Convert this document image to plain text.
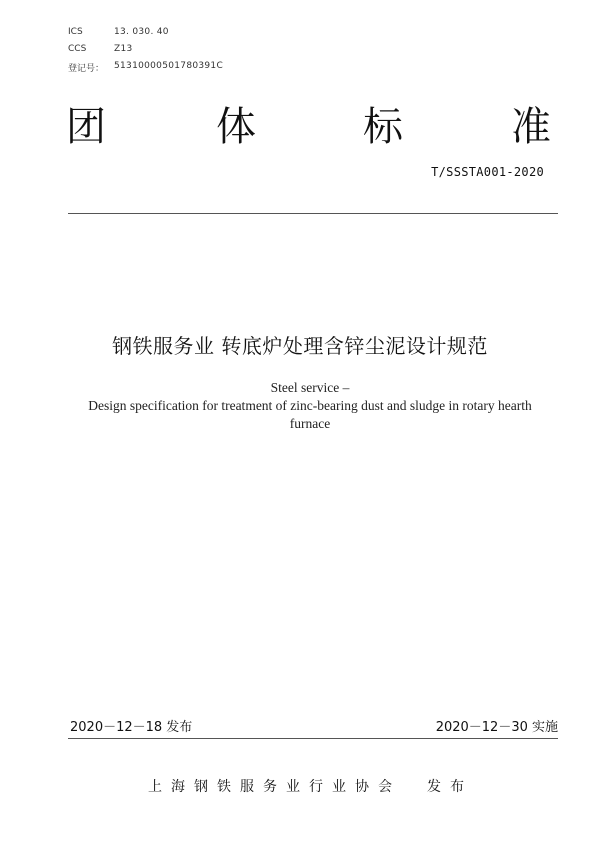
ICS	13. 030. 40
CCS	Z13
登记号： 51310000501780391C
团	体	标	准
T/SSSTA001-2020
钢铁服务业 转底炉处理含锌尘泥设计规范
Steel service –
Design specification for treatment of zinc-bearing dust and sludge in rotary hearth
furnace
2020－12－18 发布	2020－12－30 实施
上海钢铁服务业行业协会 发布
